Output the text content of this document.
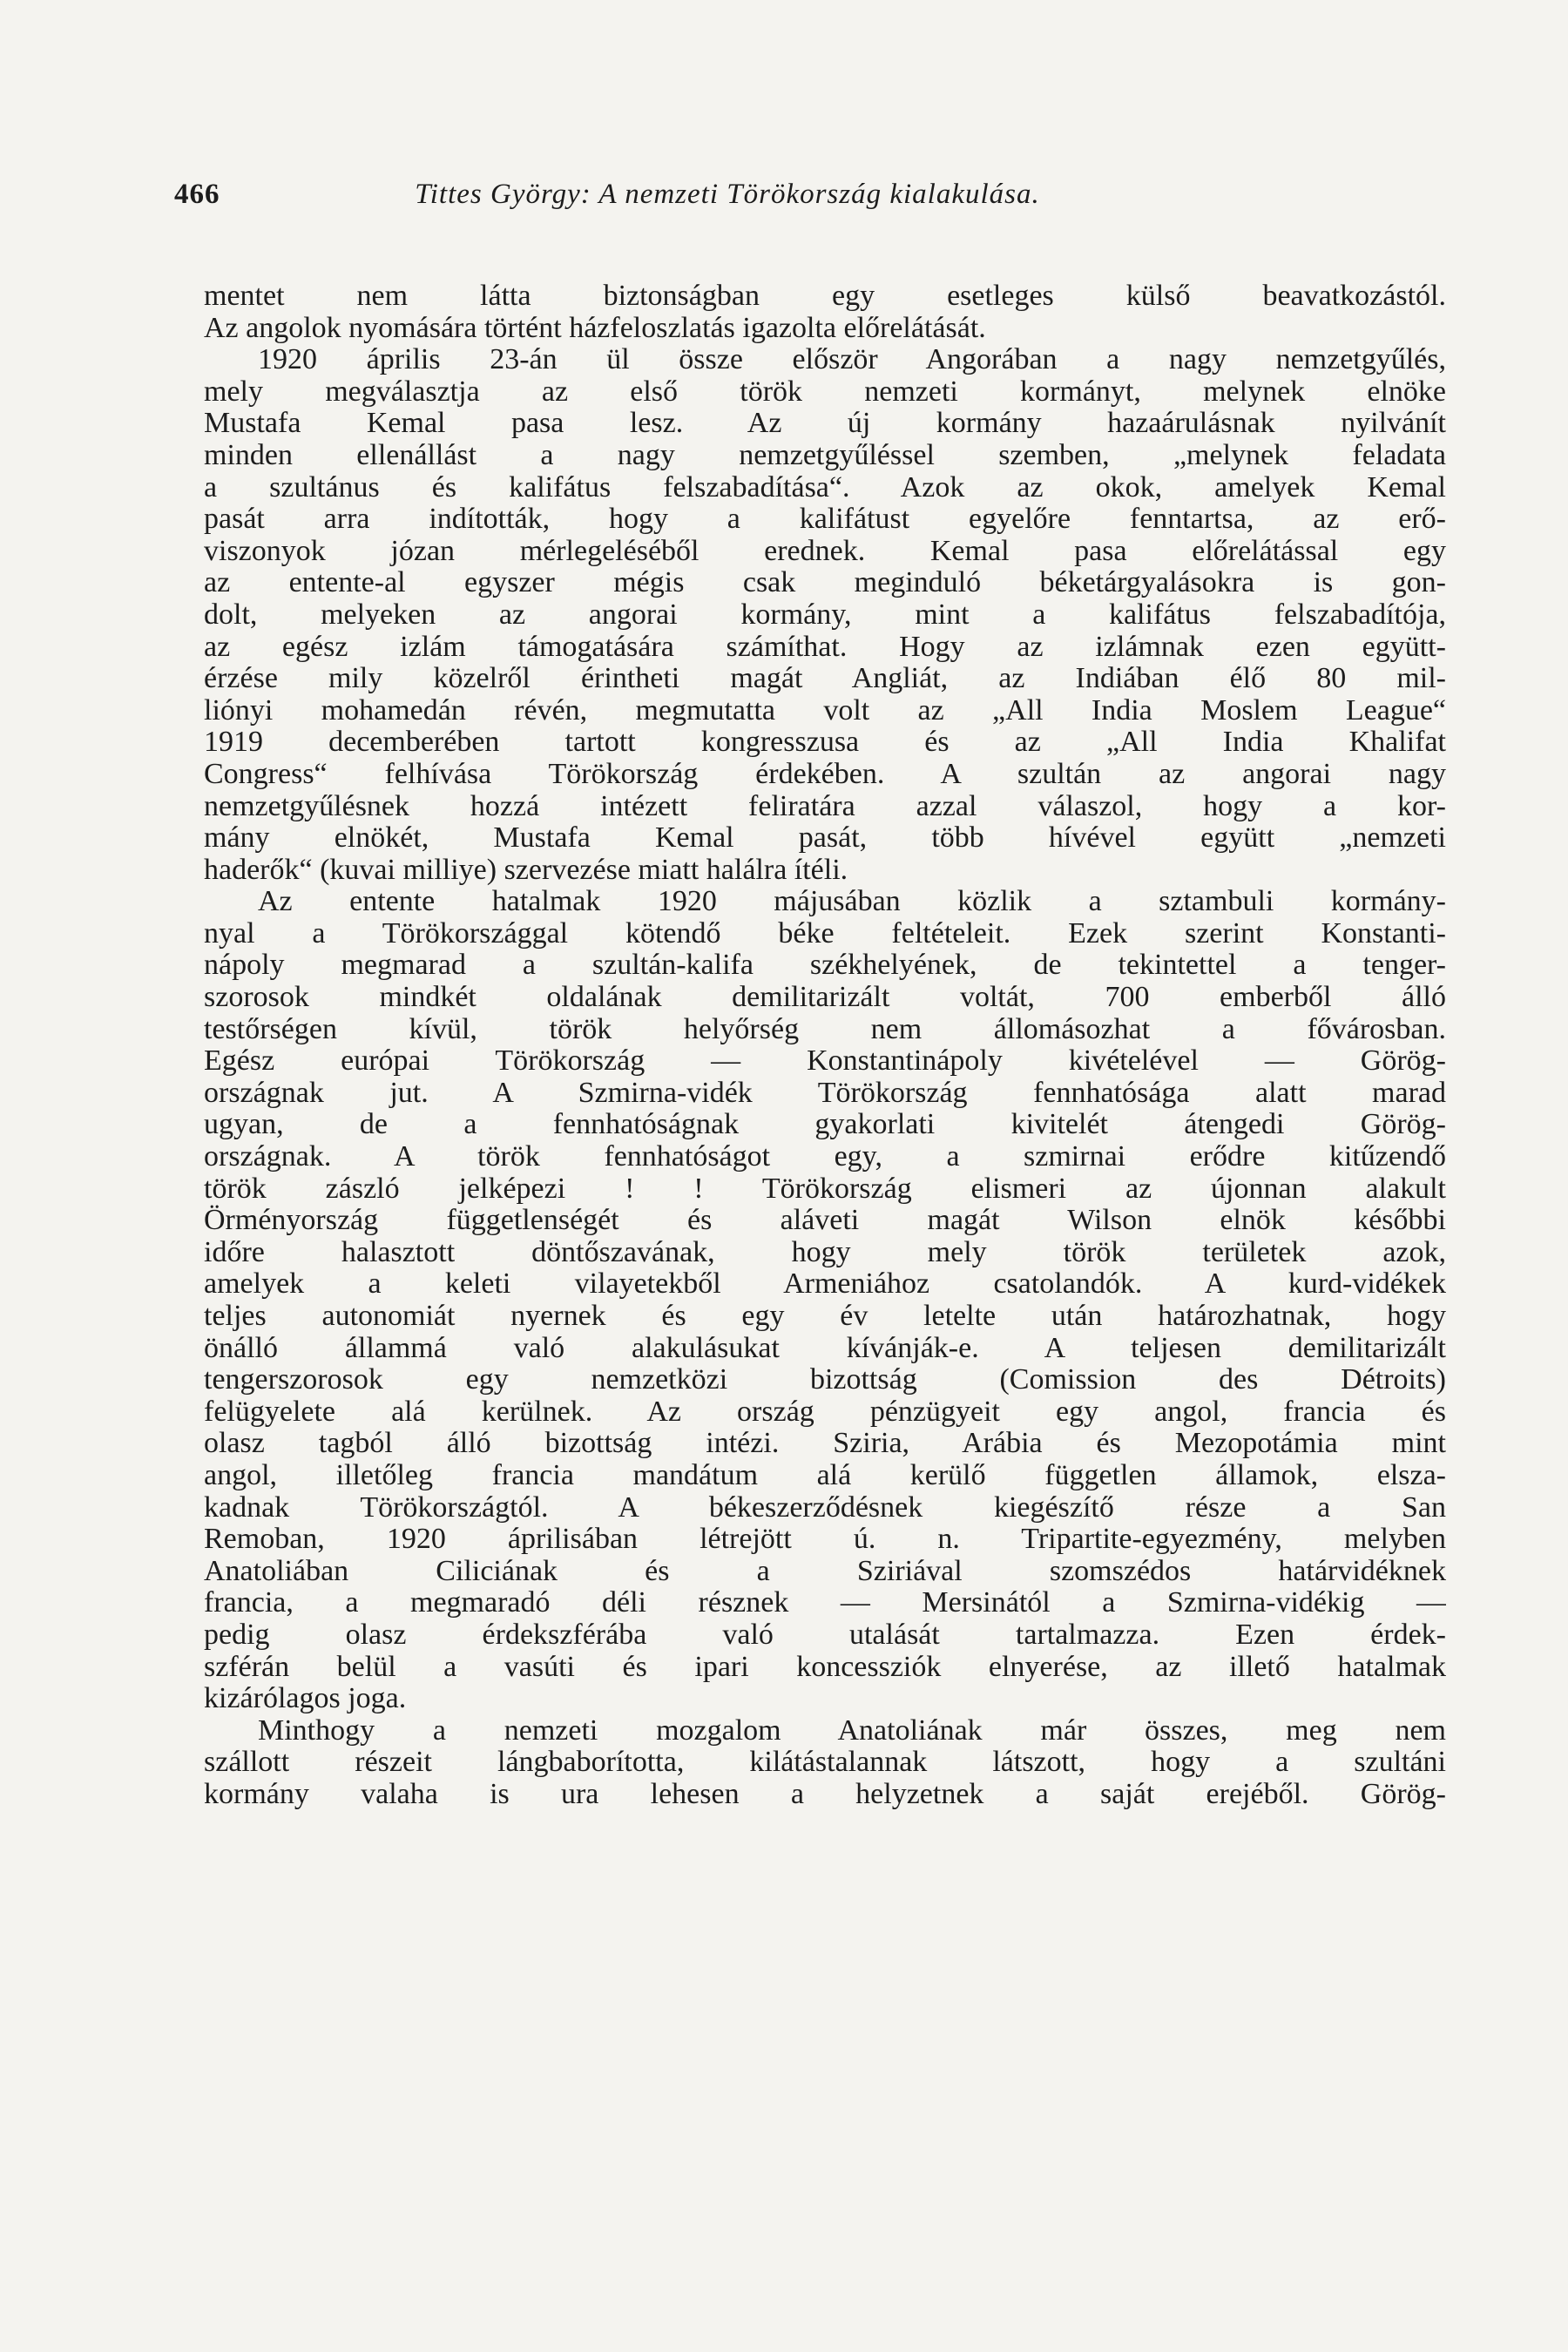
466	Tittes György: A nemzeti Törökország kialakulása.
mentet nem látta biztonságban egy esetleges külső beavatkozástól.
Az angolok nyomására történt házfeloszlatás igazolta előrelátását.
1920 április 23-án ül össze először Angorában a nagy nemzetgyűlés,
mely megválasztja az első török nemzeti kormányt, melynek elnöke
Mustafa Kemal pasa lesz. Az új kormány hazaárulásnak nyilvánít
minden ellenállást a nagy nemzetgyűléssel szemben, „melynek feladata
a szultánus és kalifátus felszabadítása“. Azok az okok, amelyek Kemal
pasát arra indították, hogy a kalifátust egyelőre fenntartsa, az erő-
viszonyok józan mérlegeléséből erednek. Kemal pasa előrelátással egy
az entente-al egyszer mégis csak meginduló béketárgyalásokra is gon-
dolt, melyeken az angorai kormány, mint a kalifátus felszabadítója,
az egész izlám támogatására számíthat. Hogy az izlámnak ezen együtt-
érzése mily közelről érintheti magát Angliát, az Indiában élő 80 mil-
liónyi mohamedán révén, megmutatta volt az „All India Moslem League“
1919 decemberében tartott kongresszusa és az „All India Khalifat
Congress“ felhívása Törökország érdekében. A szultán az angorai nagy
nemzetgyűlésnek hozzá intézett feliratára azzal válaszol, hogy a kor-
mány elnökét, Mustafa Kemal pasát, több hívével együtt „nemzeti
haderők“ (kuvai milliye) szervezése miatt halálra ítéli.
Az entente hatalmak 1920 májusában közlik a sztambuli kormány-
nyal a Törökországgal kötendő béke feltételeit. Ezek szerint Konstanti-
nápoly megmarad a szultán-kalifa székhelyének, de tekintettel a tenger-
szorosok mindkét oldalának demilitarizált voltát, 700 emberből álló
testőrségen kívül, török helyőrség nem állomásozhat a fővárosban.
Egész európai Törökország — Konstantinápoly kivételével — Görög-
országnak jut. A Szmirna-vidék Törökország fennhatósága alatt marad
ugyan, de a fennhatóságnak gyakorlati kivitelét átengedi Görög-
országnak. A török fennhatóságot egy, a szmirnai erődre kitűzendő
török zászló jelképezi ! ! Törökország elismeri az újonnan alakult
Örményország függetlenségét és aláveti magát Wilson elnök későbbi
időre halasztott döntőszavának, hogy mely török területek azok,
amelyek a keleti vilayetekből Armeniához csatolandók. A kurd-vidékek
teljes autonomiát nyernek és egy év letelte után határozhatnak, hogy
önálló állammá való alakulásukat kívánják-e. A teljesen demilitarizált
tengerszorosok egy nemzetközi bizottság (Comission des Détroits)
felügyelete alá kerülnek. Az ország pénzügyeit egy angol, francia és
olasz tagból álló bizottság intézi. Sziria, Arábia és Mezopotámia mint
angol, illetőleg francia mandátum alá kerülő független államok, elsza-
kadnak Törökországtól. A békeszerződésnek kiegészítő része a San
Remoban, 1920 áprilisában létrejött ú. n. Tripartite-egyezmény, melyben
Anatoliában Ciliciának és a Sziriával szomszédos határvidéknek
francia, a megmaradó déli résznek — Mersinától a Szmirna-vidékig —
pedig olasz érdekszférába való utalását tartalmazza. Ezen érdek-
szférán belül a vasúti és ipari koncessziók elnyerése, az illető hatalmak
kizárólagos joga.
Minthogy a nemzeti mozgalom Anatoliának már összes, meg nem
szállott részeit lángbaborította, kilátástalannak látszott, hogy a szultáni
kormány valaha is ura lehesen a helyzetnek a saját erejéből. Görög-
